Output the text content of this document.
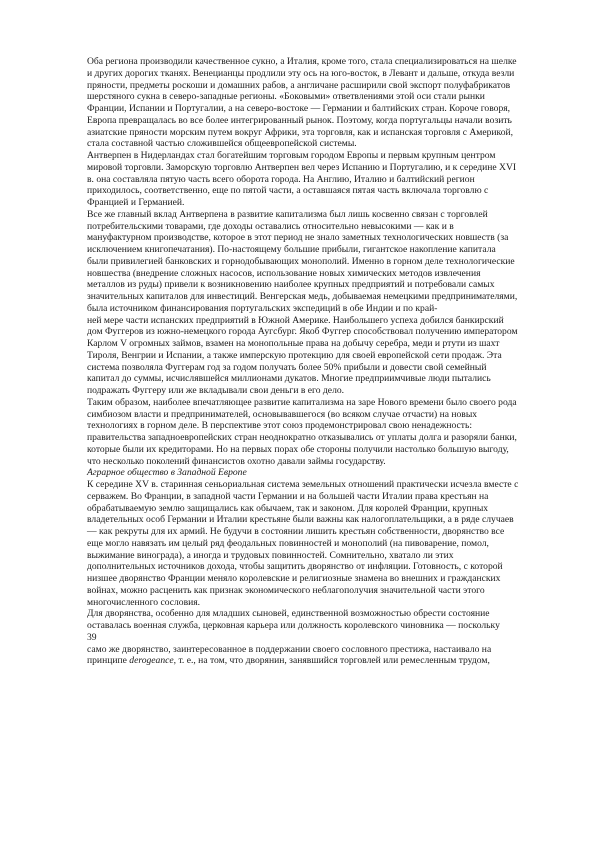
Оба региона производили качественное сукно, а Италия, кроме того, стала специализироваться на шелке и других дорогих тканях. Венецианцы продлили эту ось на юго-восток, в Левант и дальше, откуда везли пряности, предметы роскоши и домашних рабов, а англичане расширили свой экспорт полуфабрикатов шерстяного сукна в северо-западные регионы. «Боковыми» ответвлениями этой оси стали рынки Франции, Испании и Португалии, а на северо-востоке — Германии и балтийских стран. Короче говоря, Европа превращалась во все более интегрированный рынок. Поэтому, когда португальцы начали возить азиатские пряности морским путем вокруг Африки, эта торговля, как и испанская торговля с Америкой, стала составной частью сложившейся общеевропейской системы.

Антверпен в Нидерландах стал богатейшим торговым городом Европы и первым крупным центром мировой торговли. Заморскую торговлю Антверпен вел через Испанию и Португалию, и к середине XVI в. она составляла пятую часть всего оборота города. На Англию, Италию и балтийский регион приходилось, соответственно, еще по пятой части, а оставшаяся пятая часть включала торговлю с Францией и Германией.

Все же главный вклад Антверпена в развитие капитализма был лишь косвенно связан с торговлей потребительскими товарами, где доходы оставались относительно невысокими — как и в мануфактурном производстве, которое в этот период не знало заметных технологических новшеств (за исключением книгопечатания). По-настоящему большие прибыли, гигантское накопление капитала были привилегией банковских и горнодобывающих монополий. Именно в горном деле технологические новшества (внедрение сложных насосов, использование новых химических методов извлечения металлов из руды) привели к возникновению наиболее крупных предприятий и потребовали самых значительных капиталов для инвестиций. Венгерская медь, добываемая немецкими предпринимателями, была источником финансирования португальских экспедиций в обе Индии и по край-

ней мере части испанских предприятий в Южной Америке. Наибольшего успеха добился банкирский дом Фуггеров из южно-немецкого города Аугсбург. Якоб Фуггер способствовал получению императором Карлом V огромных займов, взамен на монопольные права на добычу серебра, меди и ртути из шахт Тироля, Венгрии и Испании, а также имперскую протекцию для своей европейской сети продаж. Эта система позволяла Фуггерам год за годом получать более 50% прибыли и довести свой семейный капитал до суммы, исчислявшейся миллионами дукатов. Многие предприимчивые люди пытались подражать Фуггеру или же вкладывали свои деньги в его дело.

Таким образом, наиболее впечатляющее развитие капитализма на заре Нового времени было своего рода симбиозом власти и предпринимателей, основывавшегося (во всяком случае отчасти) на новых технологиях в горном деле. В перспективе этот союз продемонстрировал свою ненадежность: правительства западноевропейских стран неоднократно отказывались от уплаты долга и разоряли банки, которые были их кредиторами. Но на первых порах обе стороны получили настолько большую выгоду, что несколько поколений финансистов охотно давали займы государству.

Аграрное общество в Западной Европе

К середине XV в. старинная сеньориальная система земельных отношений практически исчезла вместе с серважем. Во Франции, в западной части Германии и на большей части Италии права крестьян на обрабатываемую землю защищались как обычаем, так и законом. Для королей Франции, крупных владетельных особ Германии и Италии крестьяне были важны как налогоплательщики, а в ряде случаев — как рекруты для их армий. Не будучи в состоянии лишить крестьян собственности, дворянство все еще могло навязать им целый ряд феодальных повинностей и монополий (на пивоварение, помол, выжимание винограда), а иногда и трудовых повинностей. Сомнительно, хватало ли этих дополнительных источников дохода, чтобы защитить дворянство от инфляции. Готовность, с которой низшее дворянство Франции меняло королевские и религиозные знамена во внешних и гражданских войнах, можно расценить как признак экономического неблагополучия значительной части этого многочисленного сословия.

Для дворянства, особенно для младших сыновей, единственной возможностью обрести состояние оставалась военная служба, церковная карьера или должность королевского чиновника — поскольку

39

само же дворянство, заинтересованное в поддержании своего сословного престижа, настаивало на принципе derogeance, т. е., на том, что дворянин, занявшийся торговлей или ремесленным трудом,
